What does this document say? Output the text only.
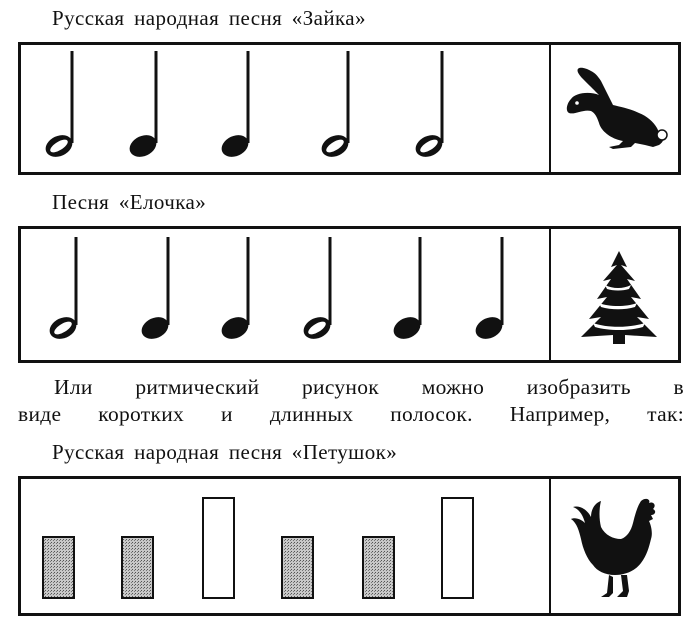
Русская народная песня «Зайка»
Песня «Елочка»
Или ритмический рисунок можно изобразить в
виде коротких и длинных полосок. Например, так:
Русская народная песня «Петушок»
